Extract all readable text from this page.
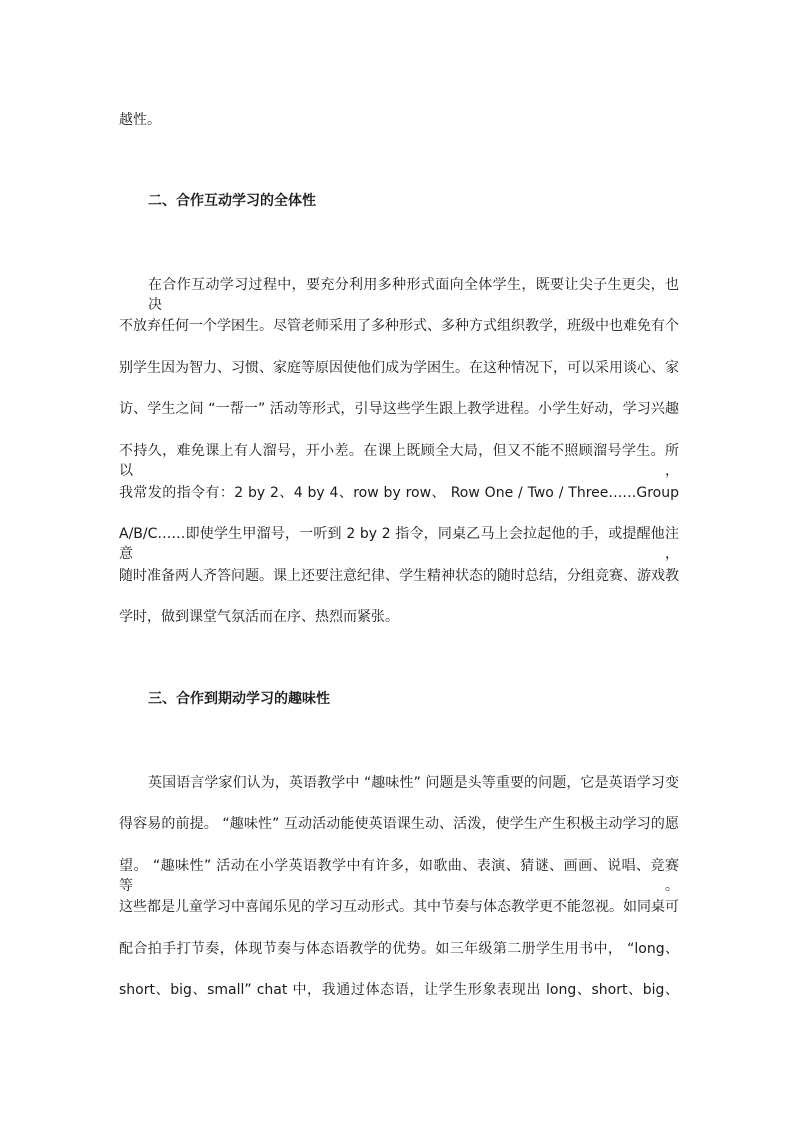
越性。
二、合作互动学习的全体性
在合作互动学习过程中，要充分利用多种形式面向全体学生，既要让尖子生更尖，也决
不放弃任何一个学困生。尽管老师采用了多种形式、多种方式组织教学，班级中也难免有个
别学生因为智力、习惯、家庭等原因使他们成为学困生。在这种情况下，可以采用谈心、家
访、学生之间 “一帮一” 活动等形式，引导这些学生跟上教学进程。小学生好动，学习兴趣
不持久，难免课上有人溜号，开小差。在课上既顾全大局，但又不能不照顾溜号学生。所以，
我常发的指令有：2 by 2、4 by 4、row by row、 Row One / Two / Three……Group
A/B/C……即使学生甲溜号，一听到 2 by 2 指令，同桌乙马上会拉起他的手，或提醒他注意，
随时准备两人齐答问题。课上还要注意纪律、学生精神状态的随时总结，分组竞赛、游戏教
学时，做到课堂气氛活而在序、热烈而紧张。
三、合作到期动学习的趣味性
英国语言学家们认为，英语教学中 “趣味性” 问题是头等重要的问题，它是英语学习变
得容易的前提。 “趣味性” 互动活动能使英语课生动、活泼，使学生产生积极主动学习的愿
望。 “趣味性” 活动在小学英语教学中有许多，如歌曲、表演、猜谜、画画、说唱、竞赛等。
这些都是儿童学习中喜闻乐见的学习互动形式。其中节奏与体态教学更不能忽视。如同桌可
配合拍手打节奏，体现节奏与体态语教学的优势。如三年级第二册学生用书中， “long、
short、big、small” chat 中，我通过体态语，让学生形象表现出 long、short、big、
